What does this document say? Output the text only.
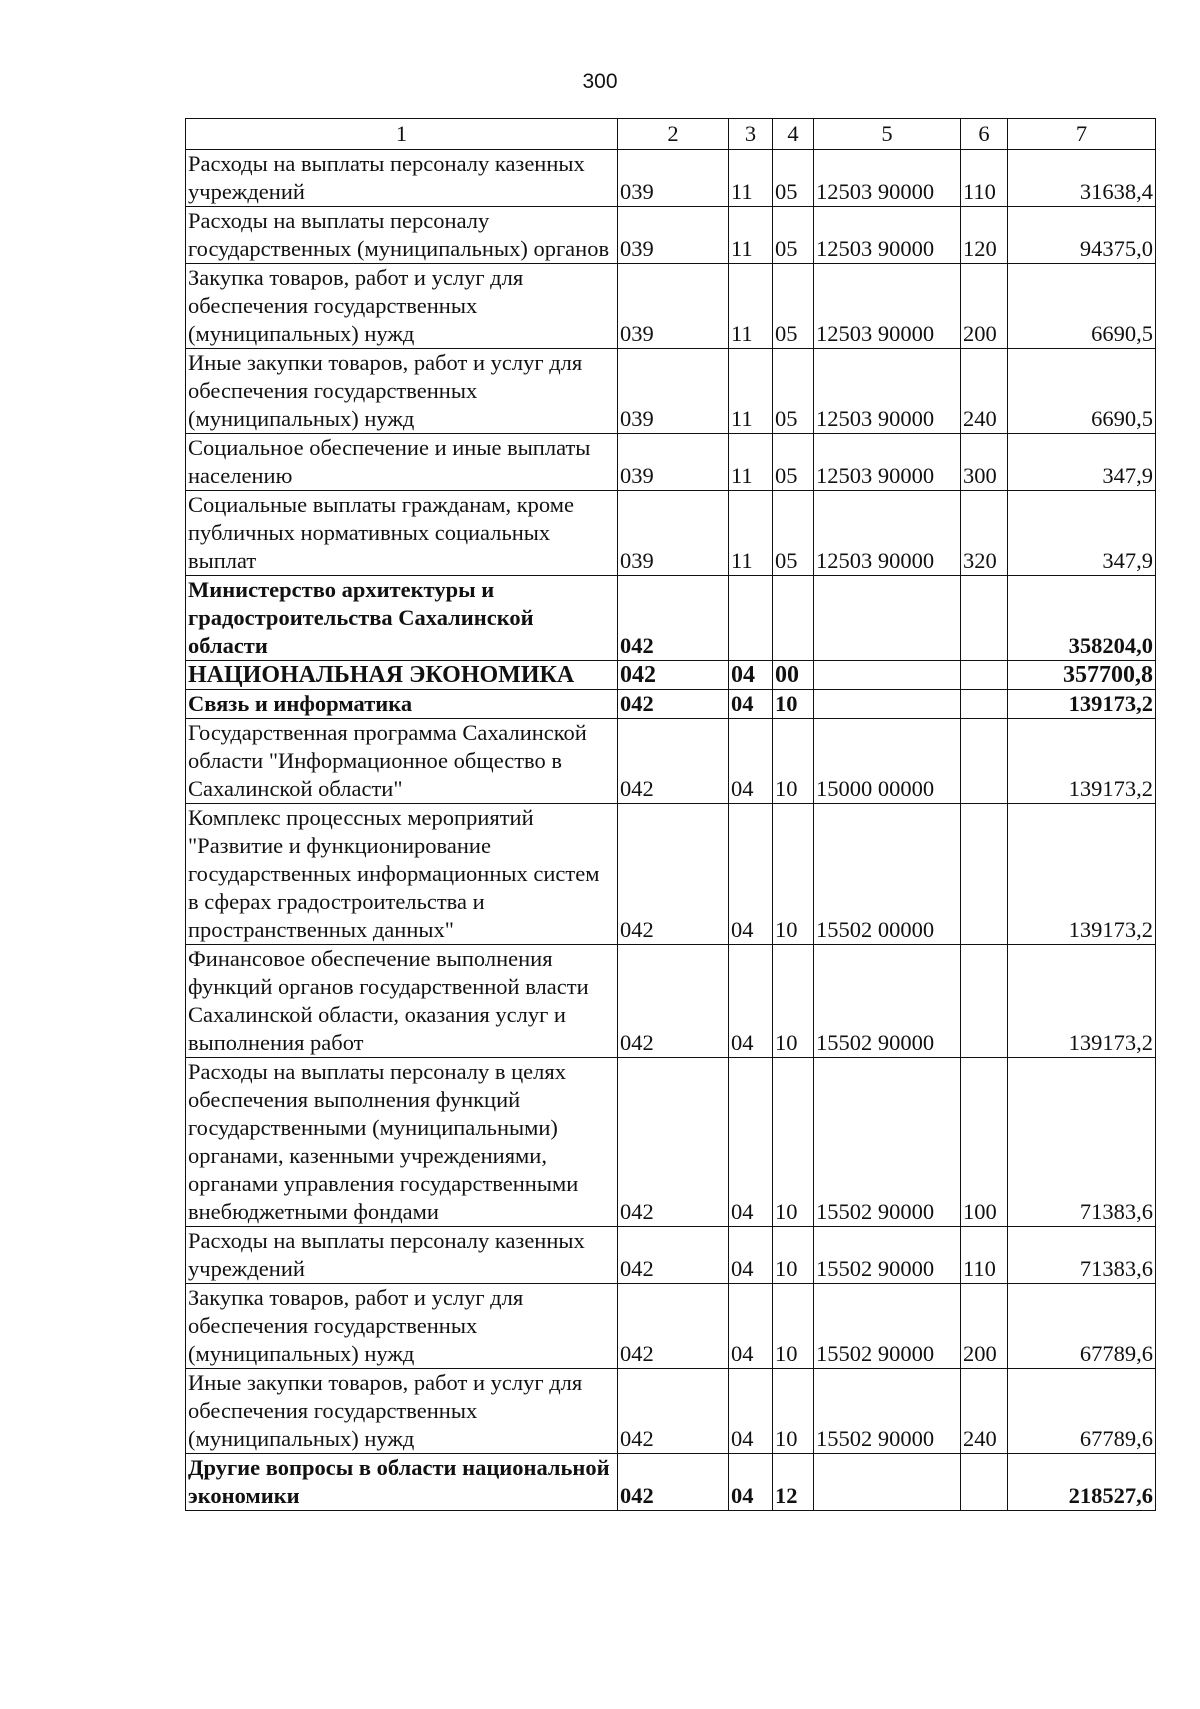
300
1	2	3	4	5	6	7
Расходы на выплаты персоналу казенных учреждений	039	11	05	12503 90000	110	31638,4
Расходы на выплаты персоналу государственных (муниципальных) органов	039	11	05	12503 90000	120	94375,0
Закупка товаров, работ и услуг для обеспечения государственных (муниципальных) нужд	039	11	05	12503 90000	200	6690,5
Иные закупки товаров, работ и услуг для обеспечения государственных (муниципальных) нужд	039	11	05	12503 90000	240	6690,5
Социальное обеспечение и иные выплаты населению	039	11	05	12503 90000	300	347,9
Социальные выплаты гражданам, кроме публичных нормативных социальных выплат	039	11	05	12503 90000	320	347,9
Министерство архитектуры и градостроительства Сахалинской области	042					358204,0
НАЦИОНАЛЬНАЯ ЭКОНОМИКА	042	04	00			357700,8
Связь и информатика	042	04	10			139173,2
Государственная программа Сахалинской области "Информационное общество в Сахалинской области"	042	04	10	15000 00000		139173,2
Комплекс процессных мероприятий "Развитие и функционирование государственных информационных систем в сферах градостроительства и пространственных данных"	042	04	10	15502 00000		139173,2
Финансовое обеспечение выполнения функций органов государственной власти Сахалинской области, оказания услуг и выполнения работ	042	04	10	15502 90000		139173,2
Расходы на выплаты персоналу в целях обеспечения выполнения функций государственными (муниципальными) органами, казенными учреждениями, органами управления государственными внебюджетными фондами	042	04	10	15502 90000	100	71383,6
Расходы на выплаты персоналу казенных учреждений	042	04	10	15502 90000	110	71383,6
Закупка товаров, работ и услуг для обеспечения государственных (муниципальных) нужд	042	04	10	15502 90000	200	67789,6
Иные закупки товаров, работ и услуг для обеспечения государственных (муниципальных) нужд	042	04	10	15502 90000	240	67789,6
Другие вопросы в области национальной экономики	042	04	12			218527,6
